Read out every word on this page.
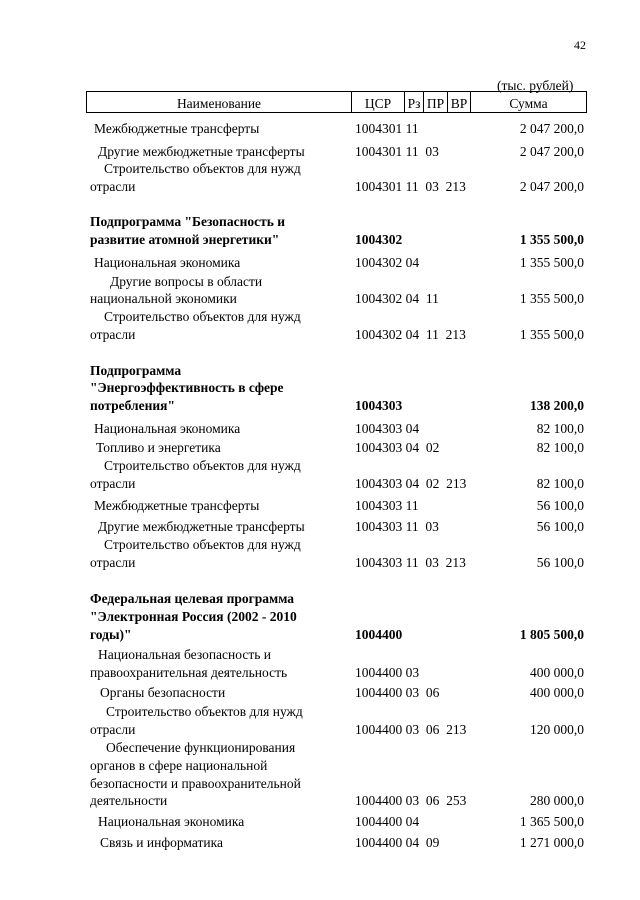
42
(тыс. рублей)
Наименование	ЦСР	Рз ПР ВР	Сумма
Межбюджетные трансферты	1004301 11	2 047 200,0
Другие межбюджетные трансферты	1004301 11  03	2 047 200,0
Строительство объектов для нужд
отрасли	1004301 11  03  213	2 047 200,0
Подпрограмма "Безопасность и
развитие атомной энергетики"	1004302	1 355 500,0
Национальная экономика	1004302 04	1 355 500,0
Другие вопросы в области
национальной экономики	1004302 04  11	1 355 500,0
Строительство объектов для нужд
отрасли	1004302 04  11  213	1 355 500,0
Подпрограмма
"Энергоэффективность в сфере
потребления"	1004303	138 200,0
Национальная экономика	1004303 04	82 100,0
Топливо и энергетика	1004303 04  02	82 100,0
Строительство объектов для нужд
отрасли	1004303 04  02  213	82 100,0
Межбюджетные трансферты	1004303 11	56 100,0
Другие межбюджетные трансферты	1004303 11  03	56 100,0
Строительство объектов для нужд
отрасли	1004303 11  03  213	56 100,0
Федеральная целевая программа
"Электронная Россия (2002 - 2010
годы)"	1004400	1 805 500,0
Национальная безопасность и
правоохранительная деятельность	1004400 03	400 000,0
Органы безопасности	1004400 03  06	400 000,0
Строительство объектов для нужд
отрасли	1004400 03  06  213	120 000,0
Обеспечение функционирования
органов в сфере национальной
безопасности и правоохранительной
деятельности	1004400 03  06  253	280 000,0
Национальная экономика	1004400 04	1 365 500,0
Связь и информатика	1004400 04  09	1 271 000,0
